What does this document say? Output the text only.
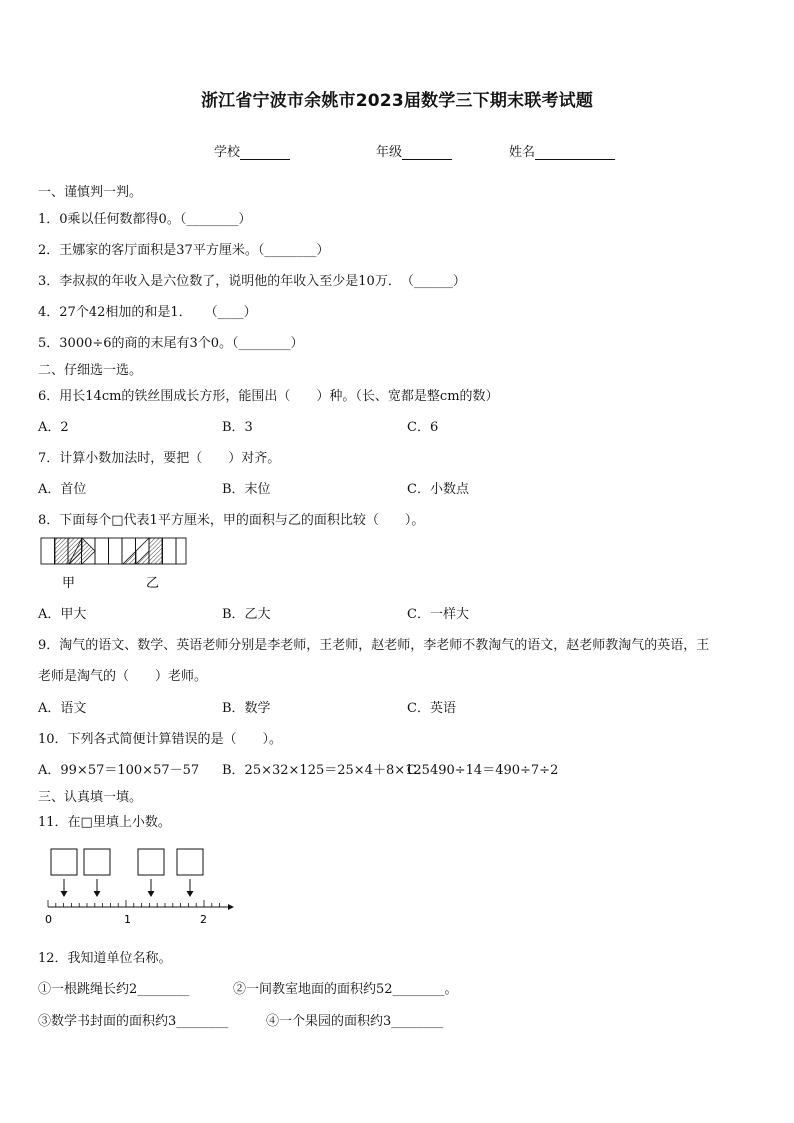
浙江省宁波市余姚市2023届数学三下期末联考试题
学校	年级	姓名
一、谨慎判一判。
1．0乘以任何数都得0。（________）
2．王娜家的客厅面积是37平方厘米。（________）
3．李叔叔的年收入是六位数了，说明他的年收入至少是10万．　（______）
4．27个42相加的和是1．　　（____）
5．3000÷6的商的末尾有3个0。（________）
二、仔细选一选。
6．用长14cm的铁丝围成长方形，能围出（　　）种。（长、宽都是整cm的数）
A．2	B．3	C．6
7．计算小数加法时，要把（　　）对齐。
A．首位	B．末位	C．小数点
8．下面每个□代表1平方厘米，甲的面积与乙的面积比较（　　）。
甲	乙
A．甲大	B．乙大	C．一样大
9．淘气的语文、数学、英语老师分别是李老师，王老师，赵老师，李老师不教淘气的语文，赵老师教淘气的英语，王
老师是淘气的（　　）老师。
A．语文	B．数学	C．英语
10．下列各式简便计算错误的是（　　）。
A．99×57＝100×57－57 B．25×32×125＝25×4＋8×125
C．490÷14＝490÷7÷2
三、认真填一填。
11．在□里填上小数。
0	1	2
12．我知道单位名称。
①一根跳绳长约2________	②一间教室地面的面积约52________。
③数学书封面的面积约3________	④一个果园的面积约3________
